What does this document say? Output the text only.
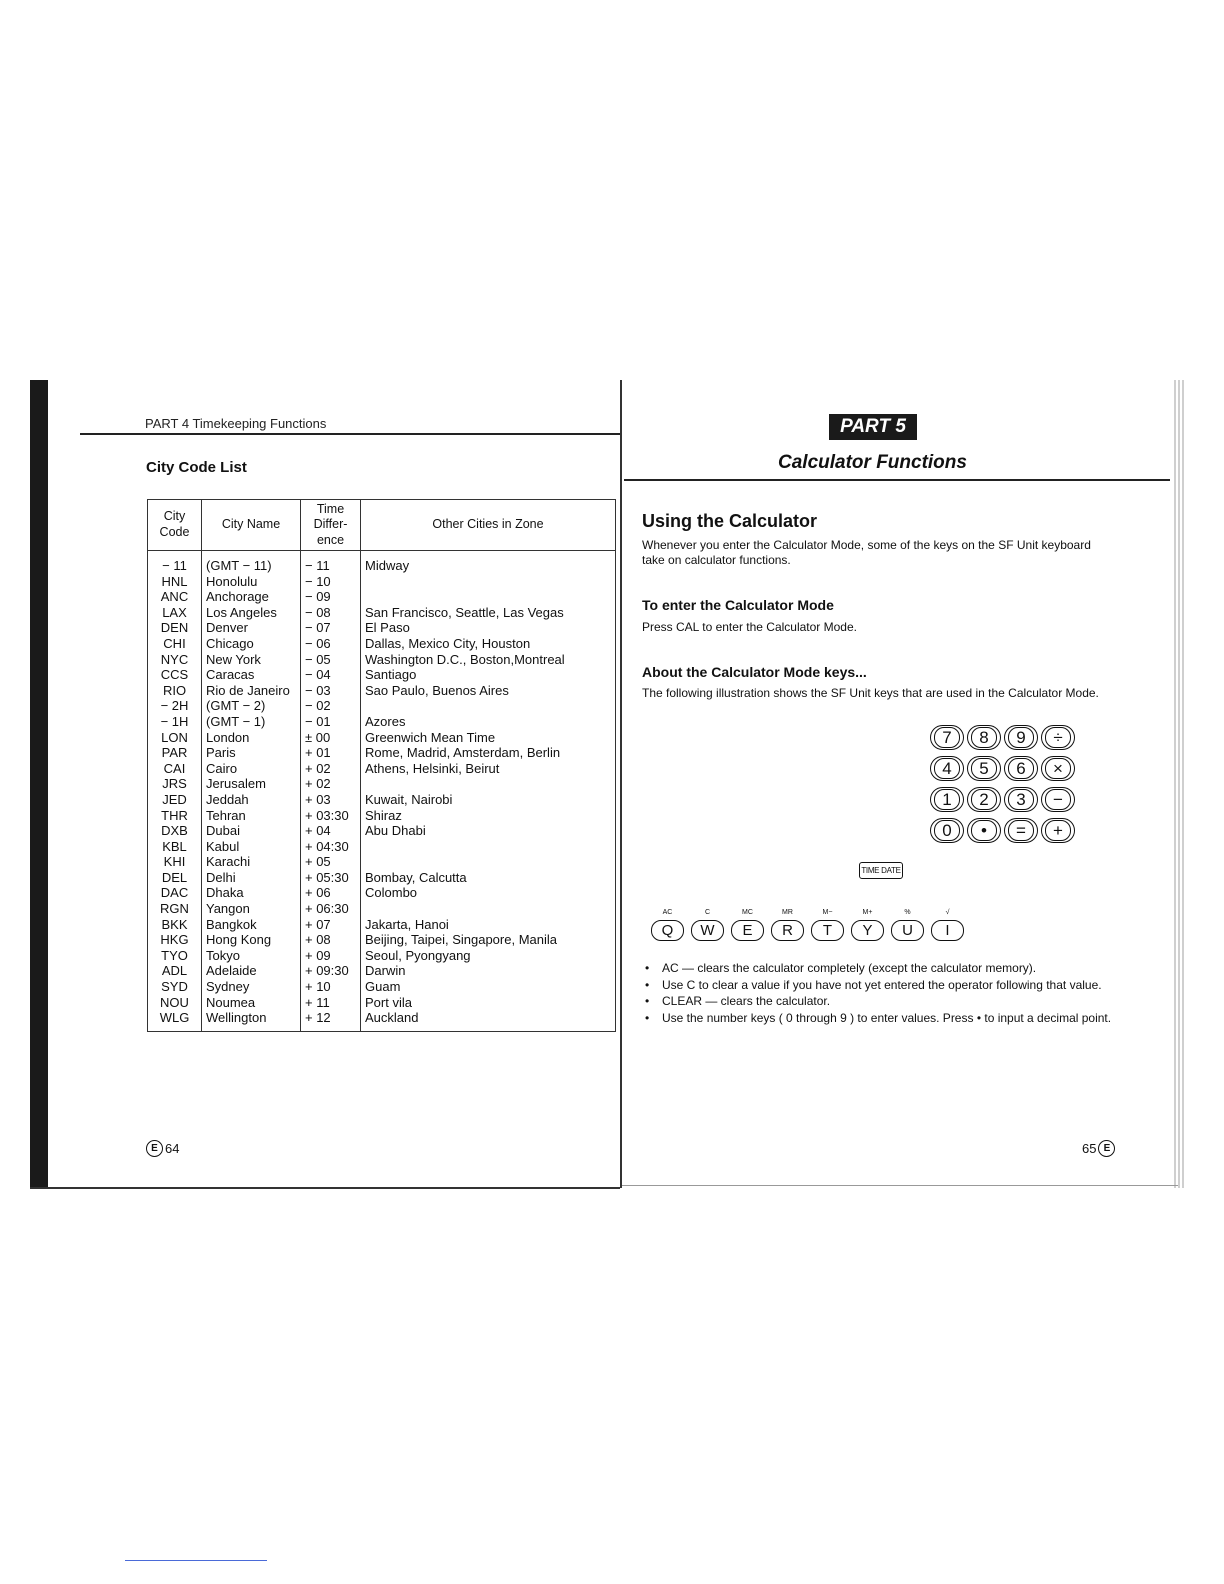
PART 4 Timekeeping Functions
City Code List
City Code	City Name	Time Differ- ence	Other Cities in Zone
− 11	(GMT − 11)	− 11	Midway
HNL	Honolulu	− 10	
ANC	Anchorage	− 09	
LAX	Los Angeles	− 08	San Francisco, Seattle, Las Vegas
DEN	Denver	− 07	El Paso
CHI	Chicago	− 06	Dallas, Mexico City, Houston
NYC	New York	− 05	Washington D.C., Boston,Montreal
CCS	Caracas	− 04	Santiago
RIO	Rio de Janeiro	− 03	Sao Paulo, Buenos Aires
− 2H	(GMT − 2)	− 02	
− 1H	(GMT − 1)	− 01	Azores
LON	London	± 00	Greenwich Mean Time
PAR	Paris	+ 01	Rome, Madrid, Amsterdam, Berlin
CAI	Cairo	+ 02	Athens, Helsinki, Beirut
JRS	Jerusalem	+ 02	
JED	Jeddah	+ 03	Kuwait, Nairobi
THR	Tehran	+ 03:30	Shiraz
DXB	Dubai	+ 04	Abu Dhabi
KBL	Kabul	+ 04:30	
KHI	Karachi	+ 05	
DEL	Delhi	+ 05:30	Bombay, Calcutta
DAC	Dhaka	+ 06	Colombo
RGN	Yangon	+ 06:30	
BKK	Bangkok	+ 07	Jakarta, Hanoi
HKG	Hong Kong	+ 08	Beijing, Taipei, Singapore, Manila
TYO	Tokyo	+ 09	Seoul, Pyongyang
ADL	Adelaide	+ 09:30	Darwin
SYD	Sydney	+ 10	Guam
NOU	Noumea	+ 11	Port vila
WLG	Wellington	+ 12	Auckland
E 64
PART 5
Calculator Functions
Using the Calculator
Whenever you enter the Calculator Mode, some of the keys on the SF Unit keyboard take on calculator functions.
To enter the Calculator Mode
Press CAL to enter the Calculator Mode.
About the Calculator Mode keys...
The following illustration shows the SF Unit keys that are used in the Calculator Mode.
7	8	9	÷
4	5	6	×
1	2	3	−
0	•	=	+
TIME DATE
AC
Q
C
W
MC
E
MR
R
M−
T
M+
Y
%
U
√
I
• AC — clears the calculator completely (except the calculator memory).
• Use C to clear a value if you have not yet entered the operator following that value.
• CLEAR — clears the calculator.
• Use the number keys ( 0 through 9 ) to enter values. Press • to input a decimal point.
65 E
